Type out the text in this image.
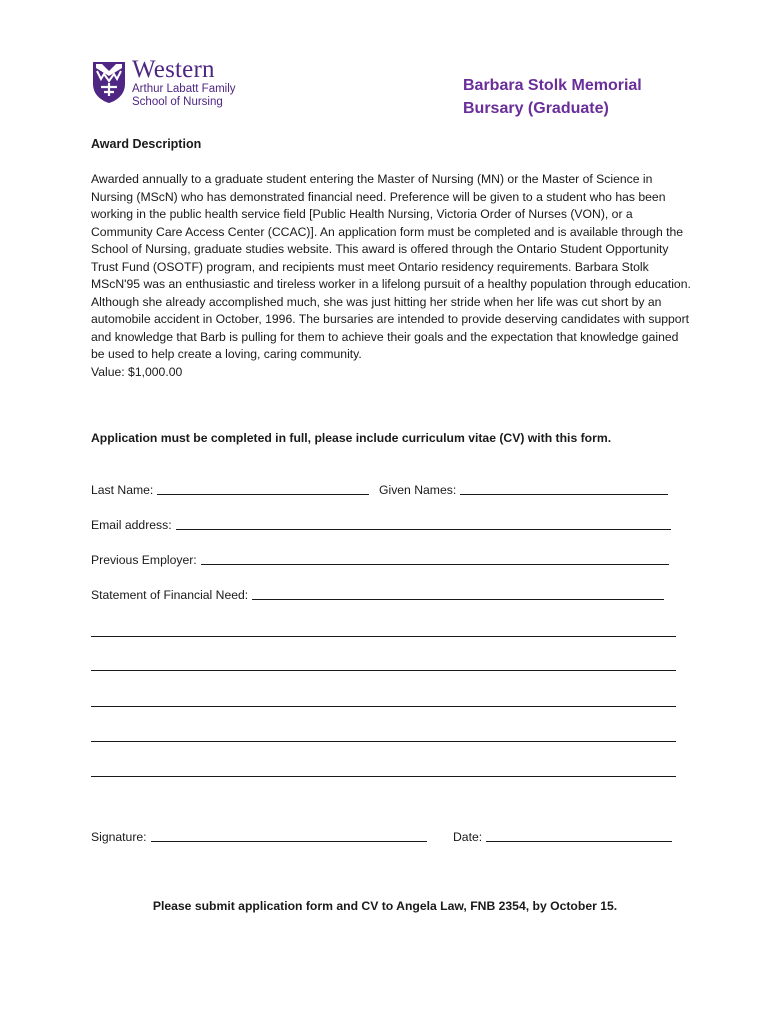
Western
Arthur Labatt Family
School of Nursing
Barbara Stolk Memorial
Bursary (Graduate)
Award Description

Awarded annually to a graduate student entering the Master of Nursing (MN) or the Master of Science in Nursing (MScN) who has demonstrated financial need. Preference will be given to a student who has been working in the public health service field [Public Health Nursing, Victoria Order of Nurses (VON), or a Community Care Access Center (CCAC)]. An application form must be completed and is available through the School of Nursing, graduate studies website. This award is offered through the Ontario Student Opportunity Trust Fund (OSOTF) program, and recipients must meet Ontario residency requirements. Barbara Stolk MScN'95 was an enthusiastic and tireless worker in a lifelong pursuit of a healthy population through education. Although she already accomplished much, she was just hitting her stride when her life was cut short by an automobile accident in October, 1996. The bursaries are intended to provide deserving candidates with support and knowledge that Barb is pulling for them to achieve their goals and the expectation that knowledge gained be used to help create a loving, caring community.

Value: $1,000.00

Application must be completed in full, please include curriculum vitae (CV) with this form.
Last Name:	Given Names:
Email address:
Previous Employer:
Statement of Financial Need:
Signature:	Date:
Please submit application form and CV to Angela Law, FNB 2354, by October 15.
